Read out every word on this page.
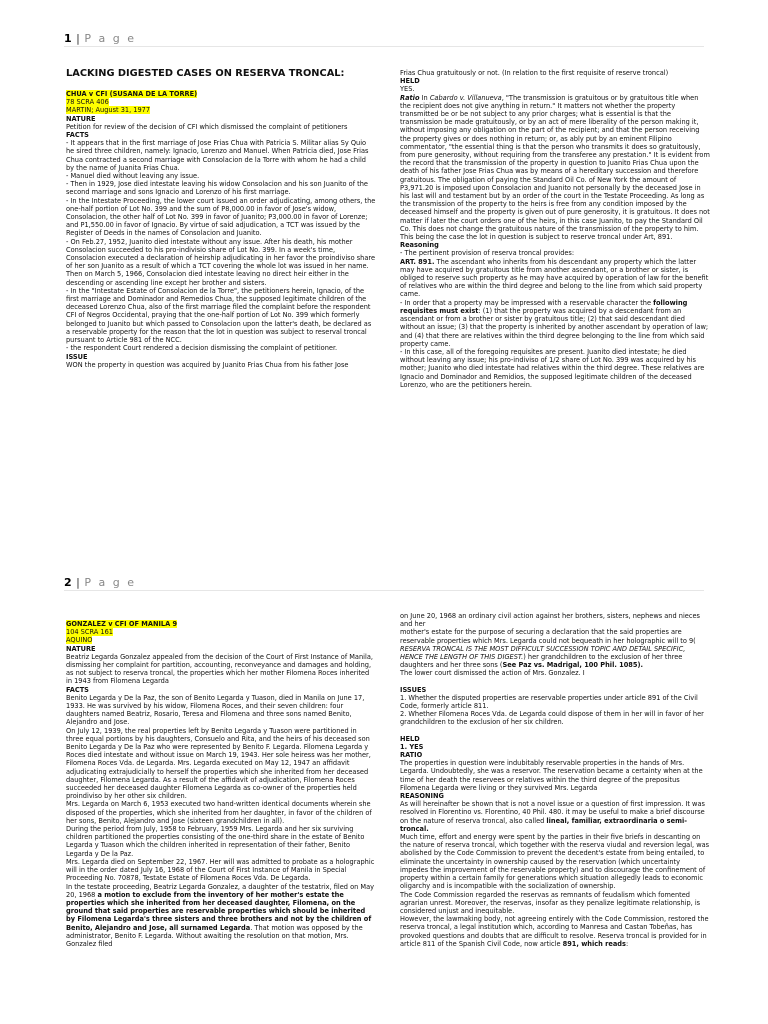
1 | P a g e

LACKING DIGESTED CASES ON RESERVA TRONCAL:

CHUA v CFI (SUSANA DE LA TORRE)

78 SCRA 406

MARTIN; August 31, 1977

NATURE

Petition for review of the decision of CFI which dismissed the complaint of petitioners

FACTS

- It appears that in the first marriage of Jose Frias Chua with Patricia S. Militar alias Sy Quio he sired three children, namely: Ignacio, Lorenzo and Manuel. When Patricia died, Jose Frias Chua contracted a second marriage with Consolacion de la Torre with whom he had a child by the name of Juanita Frias Chua.

- Manuel died without leaving any issue.

- Then in 1929, Jose died intestate leaving his widow Consolacion and his son Juanito of the second marriage and sons Ignacio and Lorenzo of his first marriage.

- In the Intestate Proceeding, the lower court issued an order adjudicating, among others, the one-half portion of Lot No. 399 and the sum of P8,000.00 in favor of Jose's widow, Consolacion, the other half of Lot No. 399 in favor of Juanito; P3,000.00 in favor of Lorenze; and P1,550.00 in favor of Ignacio. By virtue of said adjudication, a TCT was issued by the Register of Deeds in the names of Consolacion and Juanito.

- On Feb.27, 1952, Juanito died intestate without any issue. After his death, his mother Consolacion succeeded to his pro-indivisio share of Lot No. 399. In a week's time, Consolacion executed a declaration of heirship adjudicating in her favor the proindiviso share of her son Juanito as a result of which a TCT covering the whole lot was issued in her name. Then on March 5, 1966, Consolacion died intestate leaving no direct heir either in the descending or ascending line except her brother and sisters.

- In the "Intestate Estate of Consolacion de la Torre", the petitioners herein, Ignacio, of the first marriage and Dominador and Remedios Chua, the supposed legitimate children of the deceased Lorenzo Chua, also of the first marriage filed the complaint before the respondent CFI of Negros Occidental, praying that the one-half portion of Lot No. 399 which formerly belonged to Juanito but which passed to Consolacion upon the latter's death, be declared as a reservable property for the reason that the lot in question was subject to reserval troncal pursuant to Article 981 of the NCC.

- the respondent Court rendered a decision dismissing the complaint of petitioner.

ISSUE

WON the property in question was acquired by Juanito Frias Chua from his father Jose

Frias Chua gratuitously or not. (In relation to the first requisite of reserve troncal)

HELD

YES.

Ratio In Cabardo v. Villanueva, "The transmission is gratuitous or by gratuitous title when the recipient does not give anything in return." It matters not whether the property transmitted be or be not subject to any prior charges; what is essential is that the transmission be made gratuitously, or by an act of mere liberality of the person making it, without imposing any obligation on the part of the recipient; and that the person receiving the property gives or does nothing in return; or, as ably put by an eminent Filipino commentator, "the essential thing is that the person who transmits it does so gratuitously, from pure generosity, without requiring from the transferee any prestation." It is evident from the record that the transmission of the property in question to Juanito Frias Chua upon the death of his father Jose Frias Chua was by means of a hereditary succession and therefore gratuitous. The obligation of paying the Standard Oil Co. of New York the amount of P3,971.20 is imposed upon Consolacion and Juanito not personally by the deceased Jose in his last will and testament but by an order of the court in the Testate Proceeding. As long as the transmission of the property to the heirs is free from any condition imposed by the deceased himself and the property is given out of pure generosity, it is gratuitous. It does not matter if later the court orders one of the heirs, in this case Juanito, to pay the Standard Oil Co. This does not change the gratuitous nature of the transmission of the property to him. This being the case the lot in question is subject to reserve troncal under Art, 891.

Reasoning

- The pertinent provision of reserva troncal provides:

ART. 891. The ascendant who inherits from his descendant any property which the latter may have acquired by gratuitous title from another ascendant, or a brother or sister, is obliged to reserve such property as he may have acquired by operation of law for the benefit of relatives who are within the third degree and belong to the line from which said property came.

- In order that a property may be impressed with a reservable character the following requisites must exist: (1) that the property was acquired by a descendant from an ascendant or from a brother or sister by gratuitous title; (2) that said descendant died without an issue; (3) that the property is inherited by another ascendant by operation of law; and (4) that there are relatives within the third degree belonging to the line from which said property came.

- In this case, all of the foregoing requisites are present. Juanito died intestate; he died without leaving any issue; his pro-indiviso of 1/2 share of Lot No. 399 was acquired by his mother; Juanito who died intestate had relatives within the third degree. These relatives are Ignacio and Dominador and Remidios, the supposed legitimate children of the deceased Lorenzo, who are the petitioners herein.

2 | P a g e

GONZALEZ v CFI OF MANILA 9

104 SCRA 161

AQUINO

NATURE

Beatriz Legarda Gonzalez appealed from the decision of the Court of First Instance of Manila, dismissing her complaint for partition, accounting, reconveyance and damages and holding, as not subject to reserva troncal, the properties which her mother Filomena Roces inherited in 1943 from Filomena Legarda

FACTS

Benito Legarda y De la Paz, the son of Benito Legarda y Tuason, died in Manila on June 17, 1933. He was survived by his widow, Filomena Roces, and their seven children: four daughters named Beatriz, Rosario, Teresa and Filomena and three sons named Benito, Alejandro and Jose.

On July 12, 1939, the real properties left by Benito Legarda y Tuason were partitioned in three equal portions by his daughters, Consuelo and Rita, and the heirs of his deceased son Benito Legarda y De la Paz who were represented by Benito F. Legarda. Filomena Legarda y Roces died intestate and without issue on March 19, 1943. Her sole heiress was her mother, Filomena Roces Vda. de Legarda. Mrs. Legarda executed on May 12, 1947 an affidavit adjudicating extrajudicially to herself the properties which she inherited from her deceased daughter, Filomena Legarda. As a result of the affidavit of adjudication, Filomena Roces succeeded her deceased daughter Filomena Legarda as co-owner of the properties held proindiviso by her other six children.

Mrs. Legarda on March 6, 1953 executed two hand-written identical documents wherein she disposed of the properties, which she inherited from her daughter, in favor of the children of her sons, Benito, Alejandro and Jose (sixteen grandchildren in all).

During the period from July, 1958 to February, 1959 Mrs. Legarda and her six surviving children partitioned the properties consisting of the one-third share in the estate of Benito Legarda y Tuason which the children inherited in representation of their father, Benito Legarda y De la Paz.

Mrs. Legarda died on September 22, 1967. Her will was admitted to probate as a holographic will in the order dated July 16, 1968 of the Court of First Instance of Manila in Special Proceeding No. 70878, Testate Estate of Filomena Roces Vda. De Legarda.

In the testate proceeding, Beatriz Legarda Gonzalez, a daughter of the testatrix, filed on May 20, 1968 a motion to exclude from the inventory of her mother's estate the properties which she inherited from her deceased daughter, Filomena, on the ground that said properties are reservable properties which should be inherited by Filomena Legarda's three sisters and three brothers and not by the children of Benito, Alejandro and Jose, all surnamed Legarda. That motion was opposed by the administrator, Benito F. Legarda. Without awaiting the resolution on that motion, Mrs. Gonzalez filed

on June 20, 1968 an ordinary civil action against her brothers, sisters, nephews and nieces and her

mother's estate for the purpose of securing a declaration that the said properties are reservable properties which Mrs. Legarda could not bequeath in her holographic will to 9( RESERVA TRONCAL IS THE MOST DIFFICULT SUCCESSION TOPIC AND DETAIL SPECIFIC, HENCE THE LENGTH OF THIS DIGEST.) her grandchildren to the exclusion of her three daughters and her three sons (See Paz vs. Madrigal, 100 Phil. 1085).

The lower court dismissed the action of Mrs. Gonzalez. I

ISSUES

1. Whether the disputed properties are reservable properties under article 891 of the Civil Code, formerly article 811.

2. Whether Filomena Roces Vda. de Legarda could dispose of them in her will in favor of her grandchildren to the exclusion of her six children.

HELD

1. YES

RATIO

The properties in question were indubitably reservable properties in the hands of Mrs. Legarda. Undoubtedly, she was a reservor. The reservation became a certainty when at the time of her death the reservees or relatives within the third degree of the prepositus Filomena Legarda were living or they survived Mrs. Legarda

REASONING

As will hereinafter be shown that is not a novel issue or a question of first impression. It was resolved in Florentino vs. Florentino, 40 Phil. 480. it may be useful to make a brief discourse on the nature of reserva troncal, also called lineal, familiar, extraordinaria o semi-troncal.

Much time, effort and energy were spent by the parties in their five briefs in descanting on the nature of reserva troncal, which together with the reserva viudal and reversion legal, was abolished by the Code Commission to prevent the decedent's estate from being entailed, to eliminate the uncertainty in ownership caused by the reservation (which uncertainty impedes the improvement of the reservable property) and to discourage the confinement of property within a certain family for generations which situation allegedly leads to economic oligarchy and is incompatible with the socialization of ownership.

The Code Commission regarded the reservas as remnants of feudalism which fomented agrarian unrest. Moreover, the reservas, insofar as they penalize legitimate relationship, is considered unjust and inequitable.

However, the lawmaking body, not agreeing entirely with the Code Commission, restored the reserva troncal, a legal institution which, according to Manresa and Castan Tobeñas, has provoked questions and doubts that are difficult to resolve. Reserva troncal is provided for in article 811 of the Spanish Civil Code, now article 891, which reads:
